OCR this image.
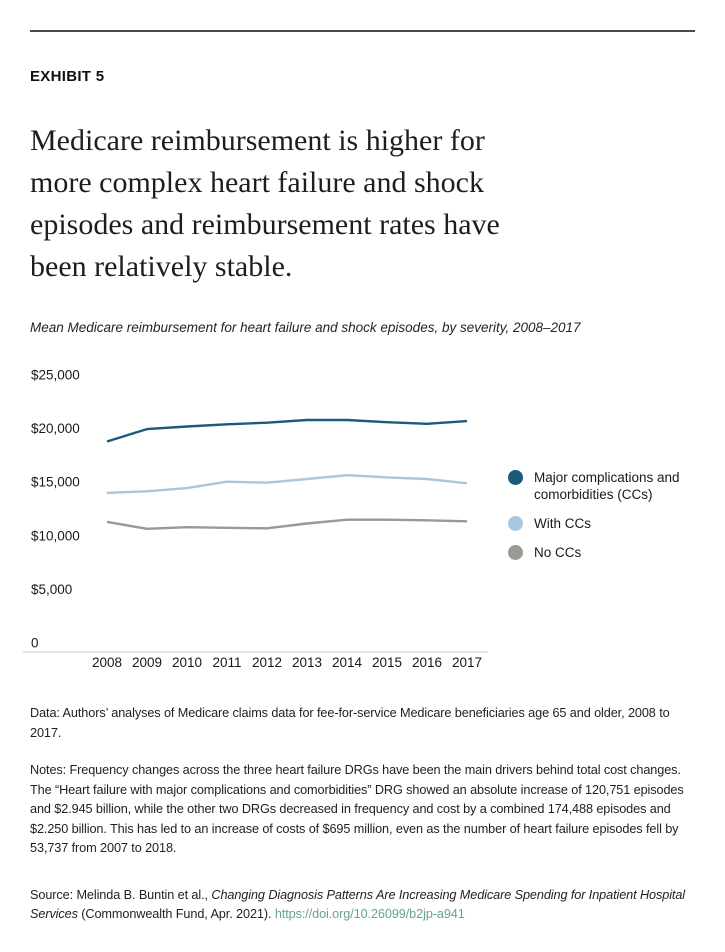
EXHIBIT 5
Medicare reimbursement is higher for
more complex heart failure and shock
episodes and reimbursement rates have
been relatively stable.
Mean Medicare reimbursement for heart failure and shock episodes, by severity, 2008–2017
$25,000
$20,000
$15,000
$10,000
$5,000
0
2008 2009 2010 2011 2012 2013 2014 2015 2016 2017
Major complications and comorbidities (CCs)
With CCs
No CCs

Data: Authors’ analyses of Medicare claims data for fee-for-service Medicare beneficiaries age 65 and older, 2008 to 2017.

Notes: Frequency changes across the three heart failure DRGs have been the main drivers behind total cost changes. The “Heart failure with major complications and comorbidities” DRG showed an absolute increase of 120,751 episodes and $2.945 billion, while the other two DRGs decreased in frequency and cost by a combined 174,488 episodes and $2.250 billion. This has led to an increase of costs of $695 million, even as the number of heart failure episodes fell by 53,737 from 2007 to 2018.

Source: Melinda B. Buntin et al., Changing Diagnosis Patterns Are Increasing Medicare Spending for Inpatient Hospital Services (Commonwealth Fund, Apr. 2021). https://doi.org/10.26099/b2jp-a941
